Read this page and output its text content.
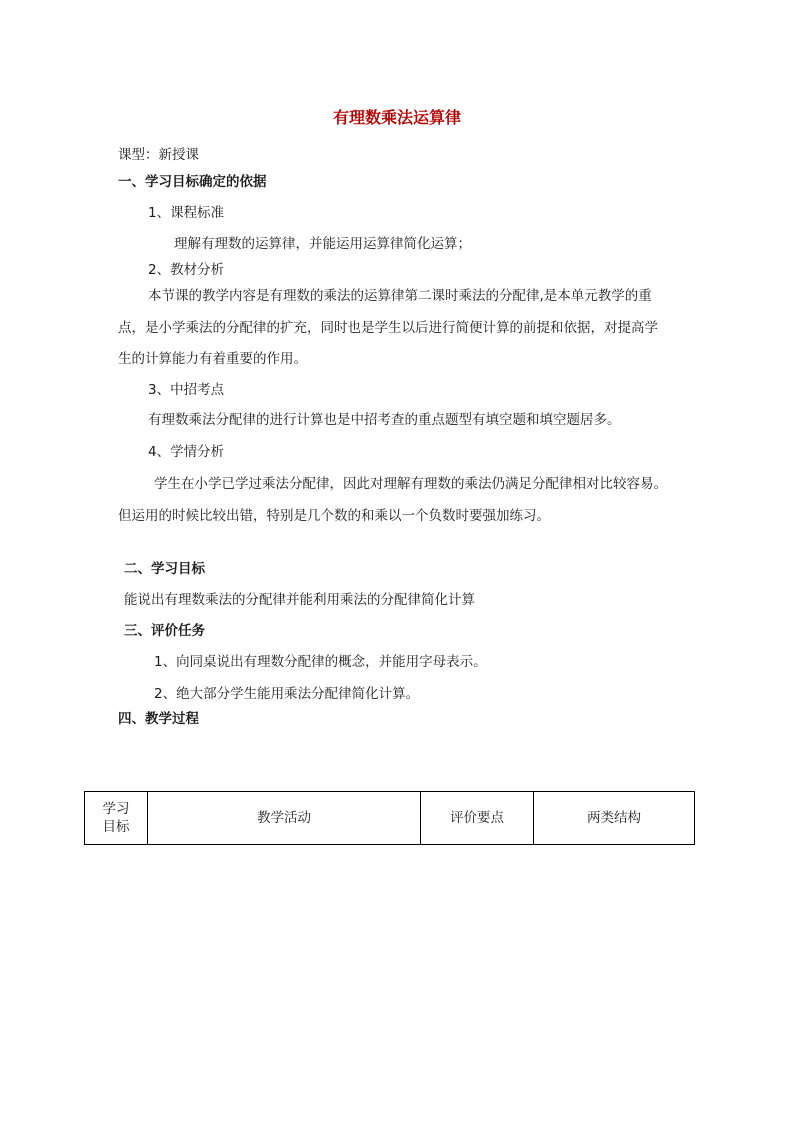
有理数乘法运算律
课型：新授课
一、学习目标确定的依据
1、课程标准
理解有理数的运算律，并能运用运算律简化运算；
2、教材分析
本节课的教学内容是有理数的乘法的运算律第二课时乘法的分配律,是本单元教学的重
点，是小学乘法的分配律的扩充，同时也是学生以后进行简便计算的前提和依据，对提高学
生的计算能力有着重要的作用。
3、中招考点
有理数乘法分配律的进行计算也是中招考查的重点题型有填空题和填空题居多。
4、学情分析
学生在小学已学过乘法分配律，因此对理解有理数的乘法仍满足分配律相对比较容易。
但运用的时候比较出错，特别是几个数的和乘以一个负数时要强加练习。
二、学习目标
能说出有理数乘法的分配律并能利用乘法的分配律简化计算
三、评价任务
1、向同桌说出有理数分配律的概念，并能用字母表示。
2、绝大部分学生能用乘法分配律简化计算。
四、教学过程
学习
目标
	教学活动	评价要点	两类结构
